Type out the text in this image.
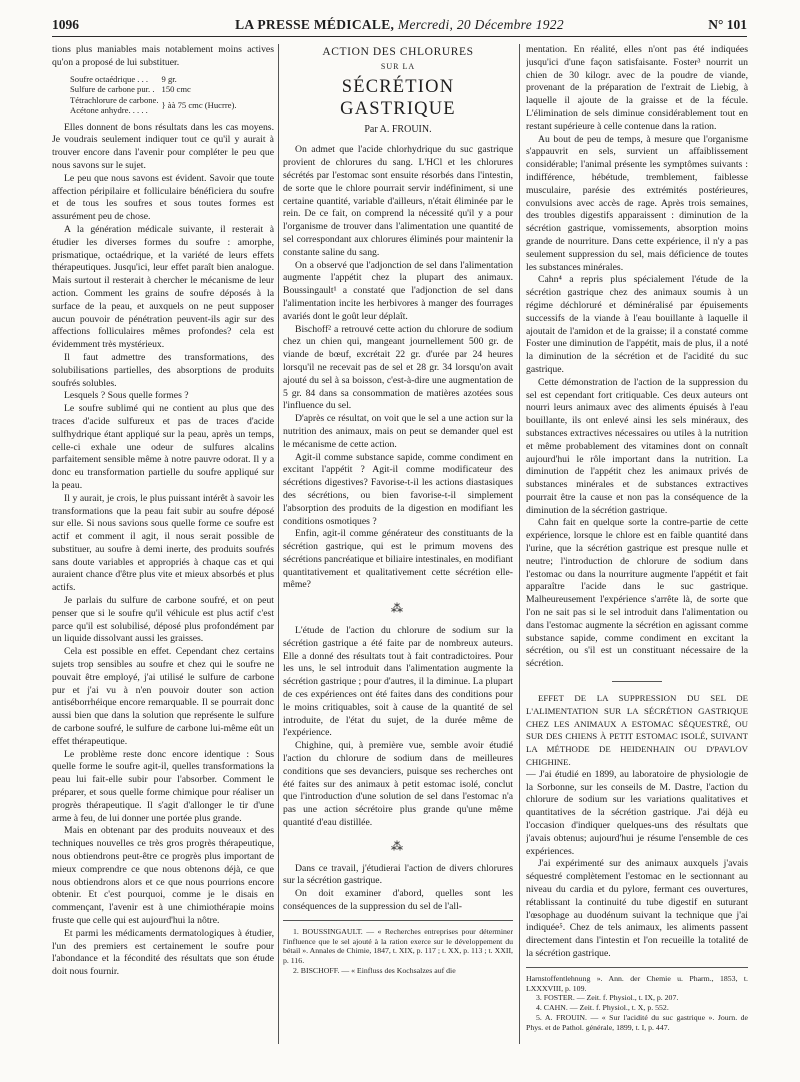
1096	LA PRESSE MÉDICALE, Mercredi, 20 Décembre 1922	N° 101

tions plus maniables mais notablement moins actives qu'on a proposé de lui substituer.

Soufre octaédrique . . .	9 gr.
Sulfure de carbone pur. .	150 cmc
Tétrachlorure de carbone.	} àà 75 cmc (Hucrre).
Acétone anhydre. . . . .	

Elles donnent de bons résultats dans les cas moyens. Je voudrais seulement indiquer tout ce qu'il y aurait à trouver encore dans l'avenir pour compléter le peu que nous savons sur le sujet.

Le peu que nous savons est évident. Savoir que toute affection péripilaire et folliculaire bénéficiera du soufre et de tous les soufres et sous toutes formes est assurément peu de chose.

A la génération médicale suivante, il resterait à étudier les diverses formes du soufre : amorphe, prismatique, octaédrique, et la variété de leurs effets thérapeutiques. Jusqu'ici, leur effet paraît bien analogue. Mais surtout il resterait à chercher le mécanisme de leur action. Comment les grains de soufre déposés à la surface de la peau, et auxquels on ne peut supposer aucun pouvoir de pénétration peuvent-ils agir sur des affections folliculaires mêmes profondes? cela est évidemment très mystérieux.

Il faut admettre des transformations, des solubilisations partielles, des absorptions de produits soufrés solubles.

Lesquels ? Sous quelle formes ?

Le soufre sublimé qui ne contient au plus que des traces d'acide sulfureux et pas de traces d'acide sulfhydrique étant appliqué sur la peau, après un temps, celle-ci exhale une odeur de sulfures alcalins parfaitement sensible même à notre pauvre odorat. Il y a donc eu transformation partielle du soufre appliqué sur la peau.

Il y aurait, je crois, le plus puissant intérêt à savoir les transformations que la peau fait subir au soufre déposé sur elle. Si nous savions sous quelle forme ce soufre est actif et comment il agit, il nous serait possible de substituer, au soufre à demi inerte, des produits soufrés sans doute variables et appropriés à chaque cas et qui auraient chance d'être plus vite et mieux absorbés et plus actifs.

Je parlais du sulfure de carbone soufré, et on peut penser que si le soufre qu'il véhicule est plus actif c'est parce qu'il est solubilisé, déposé plus profondément par un liquide dissolvant aussi les graisses.

Cela est possible en effet. Cependant chez certains sujets trop sensibles au soufre et chez qui le soufre ne pouvait être employé, j'ai utilisé le sulfure de carbone pur et j'ai vu à n'en pouvoir douter son action antiséborrhéique encore remarquable. Il se pourrait donc aussi bien que dans la solution que représente le sulfure de carbone soufré, le sulfure de carbone lui-même eût un effet thérapeutique.

Le problème reste donc encore identique : Sous quelle forme le soufre agit-il, quelles transformations la peau lui fait-elle subir pour l'absorber. Comment le préparer, et sous quelle forme chimique pour réaliser un progrès thérapeutique. Il s'agit d'allonger le tir d'une arme à feu, de lui donner une portée plus grande.

Mais en obtenant par des produits nouveaux et des techniques nouvelles ce très gros progrès thérapeutique, nous obtiendrons peut-être ce progrès plus important de mieux comprendre ce que nous obtenons déjà, ce que nous obtiendrons alors et ce que nous pourrions encore obtenir. Et c'est pourquoi, comme je le disais en commençant, l'avenir est à une chimiothérapie moins fruste que celle qui est aujourd'hui la nôtre.

Et parmi les médicaments dermatologiques à étudier, l'un des premiers est certainement le soufre pour l'abondance et la fécondité des résultats que son étude doit nous fournir.

ACTION DES CHLORURES
SUR LA
SÉCRÉTION GASTRIQUE
Par A. FROUIN.

On admet que l'acide chlorhydrique du suc gastrique provient de chlorures du sang. L'HCl et les chlorures sécrétés par l'estomac sont ensuite résorbés dans l'intestin, de sorte que le chlore pourrait servir indéfiniment, si une certaine quantité, variable d'ailleurs, n'était éliminée par le rein. De ce fait, on comprend la nécessité qu'il y a pour l'organisme de trouver dans l'alimentation une quantité de sel correspondant aux chlorures éliminés pour maintenir la constante saline du sang.

On a observé que l'adjonction de sel dans l'alimentation augmente l'appétit chez la plupart des animaux. Boussingault¹ a constaté que l'adjonction de sel dans l'alimentation incite les herbivores à manger des fourrages avariés dont le goût leur déplaît.

Bischoff² a retrouvé cette action du chlorure de sodium chez un chien qui, mangeant journellement 500 gr. de viande de bœuf, excrétait 22 gr. d'urée par 24 heures lorsqu'il ne recevait pas de sel et 28 gr. 34 lorsqu'on avait ajouté du sel à sa boisson, c'est-à-dire une augmentation de 5 gr. 84 dans sa consommation de matières azotées sous l'influence du sel.

D'après ce résultat, on voit que le sel a une action sur la nutrition des animaux, mais on peut se demander quel est le mécanisme de cette action.

Agit-il comme substance sapide, comme condiment en excitant l'appétit ? Agit-il comme modificateur des sécrétions digestives? Favorise-t-il les actions diastasiques des sécrétions, ou bien favorise-t-il simplement l'absorption des produits de la digestion en modifiant les conditions osmotiques ?

Enfin, agit-il comme générateur des constituants de la sécrétion gastrique, qui est le primum movens des sécrétions pancréatique et biliaire intestinales, en modifiant quantitativement et qualitativement cette sécrétion elle-même?

⁂

L'étude de l'action du chlorure de sodium sur la sécrétion gastrique a été faite par de nombreux auteurs. Elle a donné des résultats tout à fait contradictoires. Pour les uns, le sel introduit dans l'alimentation augmente la sécrétion gastrique ; pour d'autres, il la diminue. La plupart de ces expériences ont été faites dans des conditions pour le moins critiquables, soit à cause de la quantité de sel introduite, de l'état du sujet, de la durée même de l'expérience.

Chighine, qui, à première vue, semble avoir étudié l'action du chlorure de sodium dans de meilleures conditions que ses devanciers, puisque ses recherches ont été faites sur des animaux à petit estomac isolé, conclut que l'introduction d'une solution de sel dans l'estomac n'a pas une action sécrétoire plus grande qu'une même quantité d'eau distillée.

⁂

Dans ce travail, j'étudierai l'action de divers chlorures sur la sécrétion gastrique.

On doit examiner d'abord, quelles sont les conséquences de la suppression du sel de l'all-

1. BOUSSINGAULT. — « Recherches entreprises pour déterminer l'influence que le sel ajouté à la ration exerce sur le développement du bétail ». Annales de Chimie, 1847, t. XIX, p. 117 ; t. XX, p. 113 ; t. XXII, p. 116.

2. BISCHOFF. — « Einfluss des Kochsalzes auf die

mentation. En réalité, elles n'ont pas été indiquées jusqu'ici d'une façon satisfaisante. Foster³ nourrit un chien de 30 kilogr. avec de la poudre de viande, provenant de la préparation de l'extrait de Liebig, à laquelle il ajoute de la graisse et de la fécule. L'élimination de sels diminue considérablement tout en restant supérieure à celle contenue dans la ration.

Au bout de peu de temps, à mesure que l'organisme s'appauvrit en sels, survient un affaiblissement considérable; l'animal présente les symptômes suivants : indifférence, hébétude, tremblement, faiblesse musculaire, parésie des extrémités postérieures, convulsions avec accès de rage. Après trois semaines, des troubles digestifs apparaissent : diminution de la sécrétion gastrique, vomissements, absorption moins grande de nourriture. Dans cette expérience, il n'y a pas seulement suppression du sel, mais déficience de toutes les substances minérales.

Cahn⁴ a repris plus spécialement l'étude de la sécrétion gastrique chez des animaux soumis à un régime déchloruré et déminéralisé par épuisements successifs de la viande à l'eau bouillante à laquelle il ajoutait de l'amidon et de la graisse; il a constaté comme Foster une diminution de l'appétit, mais de plus, il a noté la diminution de la sécrétion et de l'acidité du suc gastrique.

Cette démonstration de l'action de la suppression du sel est cependant fort critiquable. Ces deux auteurs ont nourri leurs animaux avec des aliments épuisés à l'eau bouillante, ils ont enlevé ainsi les sels minéraux, des substances extractives nécessaires ou utiles à la nutrition et même probablement des vitamines dont on connaît aujourd'hui le rôle important dans la nutrition. La diminution de l'appétit chez les animaux privés de substances minérales et de substances extractives pourrait être la cause et non pas la conséquence de la diminution de la sécrétion gastrique.

Cahn fait en quelque sorte la contre-partie de cette expérience, lorsque le chlore est en faible quantité dans l'urine, que la sécrétion gastrique est presque nulle et neutre; l'introduction de chlorure de sodium dans l'estomac ou dans la nourriture augmente l'appétit et fait apparaître l'acide dans le suc gastrique. Malheureusement l'expérience s'arrête là, de sorte que l'on ne sait pas si le sel introduit dans l'alimentation ou dans l'estomac augmente la sécrétion en agissant comme substance sapide, comme condiment en excitant la sécrétion, ou s'il est un constituant nécessaire de la sécrétion.

EFFET DE LA SUPPRESSION DU SEL DE L'ALIMENTATION SUR LA SÉCRÉTION GASTRIQUE CHEZ LES ANIMAUX A ESTOMAC SÉQUESTRÉ, OU SUR DES CHIENS À PETIT ESTOMAC ISOLÉ, SUIVANT LA MÉTHODE DE HEIDENHAIN OU D'PAVLOV CHIGHINE.

— J'ai étudié en 1899, au laboratoire de physiologie de la Sorbonne, sur les conseils de M. Dastre, l'action du chlorure de sodium sur les variations qualitatives et quantitatives de la sécrétion gastrique. J'ai déjà eu l'occasion d'indiquer quelques-uns des résultats que j'avais obtenus; aujourd'hui je résume l'ensemble de ces expériences.

J'ai expérimenté sur des animaux auxquels j'avais séquestré complètement l'estomac en le sectionnant au niveau du cardia et du pylore, fermant ces ouvertures, rétablissant la continuité du tube digestif en suturant l'œsophage au duodénum suivant la technique que j'ai indiquée⁵. Chez de tels animaux, les aliments passent directement dans l'intestin et l'on recueille la totalité de la sécrétion gastrique.

Harnstoffentlehnung ». Ann. der Chemie u. Pharm., 1853, t. LXXXVIII, p. 109.

3. FOSTER. — Zeit. f. Physiol., t. IX, p. 207.

4. CAHN. — Zeit. f. Physiol., t. X, p. 552.

5. A. FROUIN. — « Sur l'acidité du suc gastrique ». Journ. de Phys. et de Pathol. générale, 1899, t. I, p. 447.
